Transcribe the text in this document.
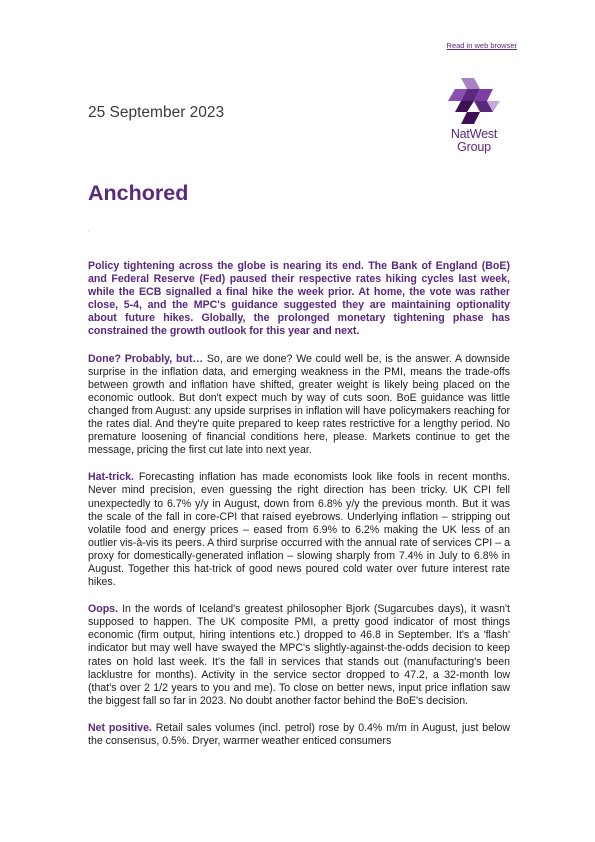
Read in web browser
25 September 2023
NatWest
Group
Anchored
.

Policy tightening across the globe is nearing its end. The Bank of England (BoE) and Federal Reserve (Fed) paused their respective rates hiking cycles last week, while the ECB signalled a final hike the week prior. At home, the vote was rather close, 5-4, and the MPC's guidance suggested they are maintaining optionality about future hikes. Globally, the prolonged monetary tightening phase has constrained the growth outlook for this year and next.

Done? Probably, but… So, are we done? We could well be, is the answer. A downside surprise in the inflation data, and emerging weakness in the PMI, means the trade-offs between growth and inflation have shifted, greater weight is likely being placed on the economic outlook. But don't expect much by way of cuts soon. BoE guidance was little changed from August: any upside surprises in inflation will have policymakers reaching for the rates dial. And they're quite prepared to keep rates restrictive for a lengthy period. No premature loosening of financial conditions here, please. Markets continue to get the message, pricing the first cut late into next year.

Hat-trick. Forecasting inflation has made economists look like fools in recent months. Never mind precision, even guessing the right direction has been tricky. UK CPI fell unexpectedly to 6.7% y/y in August, down from 6.8% y/y the previous month. But it was the scale of the fall in core-CPI that raised eyebrows. Underlying inflation – stripping out volatile food and energy prices – eased from 6.9% to 6.2% making the UK less of an outlier vis-à-vis its peers. A third surprise occurred with the annual rate of services CPI – a proxy for domestically-generated inflation – slowing sharply from 7.4% in July to 6.8% in August. Together this hat-trick of good news poured cold water over future interest rate hikes.

Oops. In the words of Iceland's greatest philosopher Bjork (Sugarcubes days), it wasn't supposed to happen. The UK composite PMI, a pretty good indicator of most things economic (firm output, hiring intentions etc.) dropped to 46.8 in September. It's a 'flash' indicator but may well have swayed the MPC's slightly-against-the-odds decision to keep rates on hold last week. It's the fall in services that stands out (manufacturing's been lacklustre for months). Activity in the service sector dropped to 47.2, a 32-month low (that's over 2 1/2 years to you and me). To close on better news, input price inflation saw the biggest fall so far in 2023. No doubt another factor behind the BoE's decision.

Net positive. Retail sales volumes (incl. petrol) rose by 0.4% m/m in August, just below the consensus, 0.5%. Dryer, warmer weather enticed consumers
